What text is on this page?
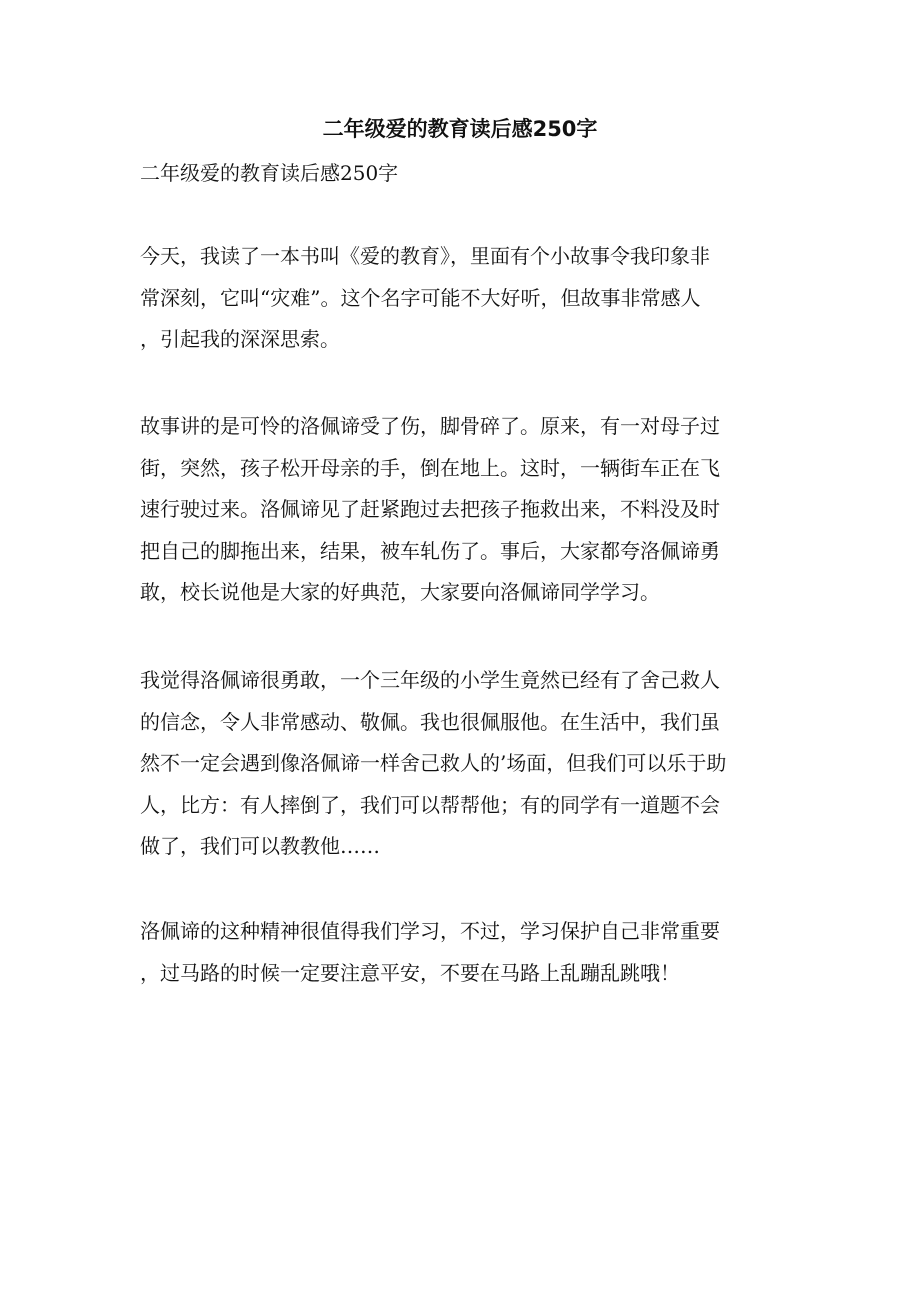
二年级爱的教育读后感250字

二年级爱的教育读后感250字

今天，我读了一本书叫《爱的教育》，里面有个小故事令我印象非
常深刻，它叫“灾难”。这个名字可能不大好听，但故事非常感人
，引起我的深深思索。
故事讲的是可怜的洛佩谛受了伤，脚骨碎了。原来，有一对母子过
街，突然，孩子松开母亲的手，倒在地上。这时，一辆街车正在飞
速行驶过来。洛佩谛见了赶紧跑过去把孩子拖救出来，不料没及时
把自己的脚拖出来，结果，被车轧伤了。事后，大家都夸洛佩谛勇
敢，校长说他是大家的好典范，大家要向洛佩谛同学学习。
我觉得洛佩谛很勇敢，一个三年级的小学生竟然已经有了舍己救人
的信念，令人非常感动、敬佩。我也很佩服他。在生活中，我们虽
然不一定会遇到像洛佩谛一样舍己救人的’场面，但我们可以乐于助
人，比方：有人摔倒了，我们可以帮帮他；有的同学有一道题不会
做了，我们可以教教他……
洛佩谛的这种精神很值得我们学习，不过，学习保护自己非常重要
，过马路的时候一定要注意平安，不要在马路上乱蹦乱跳哦！
